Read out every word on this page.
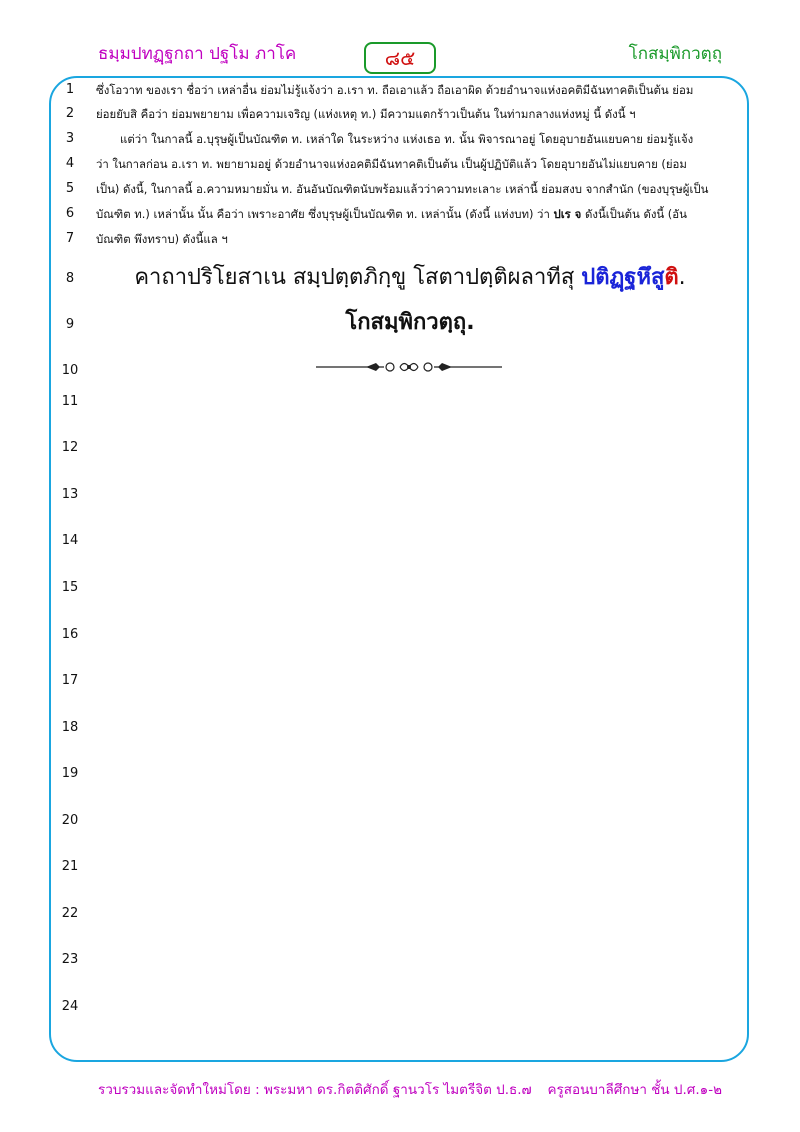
ธมฺมปทฏฺฐกถา ปฐโม ภาโค	๘๕	โกสมฺพิกวตฺถุ
1
2
3
4
5
6
7
8
9
10
11
12
13
14
15
16
17
18
19
20
21
22
23
24
ซึ่งโอวาท ของเรา ชื่อว่า เหล่าอื่น ย่อมไม่รู้แจ้งว่า อ.เรา ท. ถือเอาแล้ว ถือเอาผิด ด้วยอำนาจแห่งอคติมีฉันทาคติเป็นต้น ย่อม
ย่อยยับสิ คือว่า ย่อมพยายาม เพื่อความเจริญ (แห่งเหตุ ท.) มีความแตกร้าวเป็นต้น ในท่ามกลางแห่งหมู่ นี้ ดังนี้ ฯ
แต่ว่า ในกาลนี้ อ.บุรุษผู้เป็นบัณฑิต ท. เหล่าใด ในระหว่าง แห่งเธอ ท. นั้น พิจารณาอยู่ โดยอุบายอันแยบคาย ย่อมรู้แจ้ง
ว่า ในกาลก่อน อ.เรา ท. พยายามอยู่ ด้วยอำนาจแห่งอคติมีฉันทาคติเป็นต้น เป็นผู้ปฏิบัติแล้ว โดยอุบายอันไม่แยบคาย (ย่อม
เป็น) ดังนี้, ในกาลนี้ อ.ความหมายมั่น ท. อันอันบัณฑิตนับพร้อมแล้วว่าความทะเลาะ เหล่านี้ ย่อมสงบ จากสำนัก (ของบุรุษผู้เป็น
บัณฑิต ท.) เหล่านั้น นั้น คือว่า เพราะอาศัย ซึ่งบุรุษผู้เป็นบัณฑิต ท. เหล่านั้น (ดังนี้ แห่งบท) ว่า ปเร จ ดังนี้เป็นต้น ดังนี้ (อัน
บัณฑิต พึงทราบ) ดังนี้แล ฯ
คาถาปริโยสาเน สมฺปตฺตภิกฺขู โสตาปตฺติผลาทีสุ ปติฏฺฐหึสูติ.
โกสมฺพิกวตฺถุ.
รวบรวมและจัดทำใหม่โดย : พระมหา ดร.กิตติศักดิ์ ฐานวโร ไมตรีจิต ป.ธ.๗ ครูสอนบาลีศึกษา ชั้น ป.ศ.๑-๒
